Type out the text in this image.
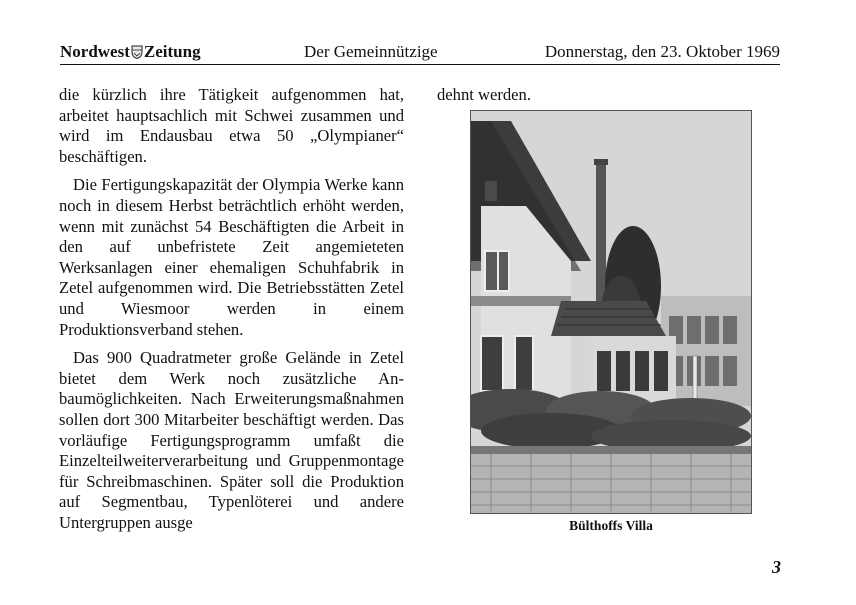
Nordwest Zeitung	Der Gemeinnützige	Donnerstag, den 23. Oktober 1969

die kürzlich ihre Tätigkeit aufgenommen hat, arbeitet hauptsachlich mit Schwei zusammen und wird im Endausbau etwa 50 „Olympianer“ beschäftigen.

Die Fertigungskapazität der Olympia Werke kann noch in diesem Herbst beträchtlich erhöht werden, wenn mit zunächst 54 Beschäftigten die Arbeit in den auf unbefristete Zeit angemieteten Werksanlagen einer ehemaligen Schuhfabrik in Zetel aufgenommen wird. Die Betriebsstätten Zetel und Wiesmoor werden in einem Produktionsverband stehen.

Das 900 Quadratmeter große Gelände in Zetel bietet dem Werk noch zusätzliche Anbaumöglichkeiten. Nach Erweiterungsmaßnahmen sollen dort 300 Mitarbeiter beschäftigt werden. Das vorläufige Fertigungsprogramm umfaßt die Einzelteilweiterverarbeitung und Gruppenmontage für Schreibmaschinen. Später soll die Produktion auf Segmentbau, Typenlöterei und andere Untergruppen ausge

dehnt werden.
Bülthoffs Villa
3
